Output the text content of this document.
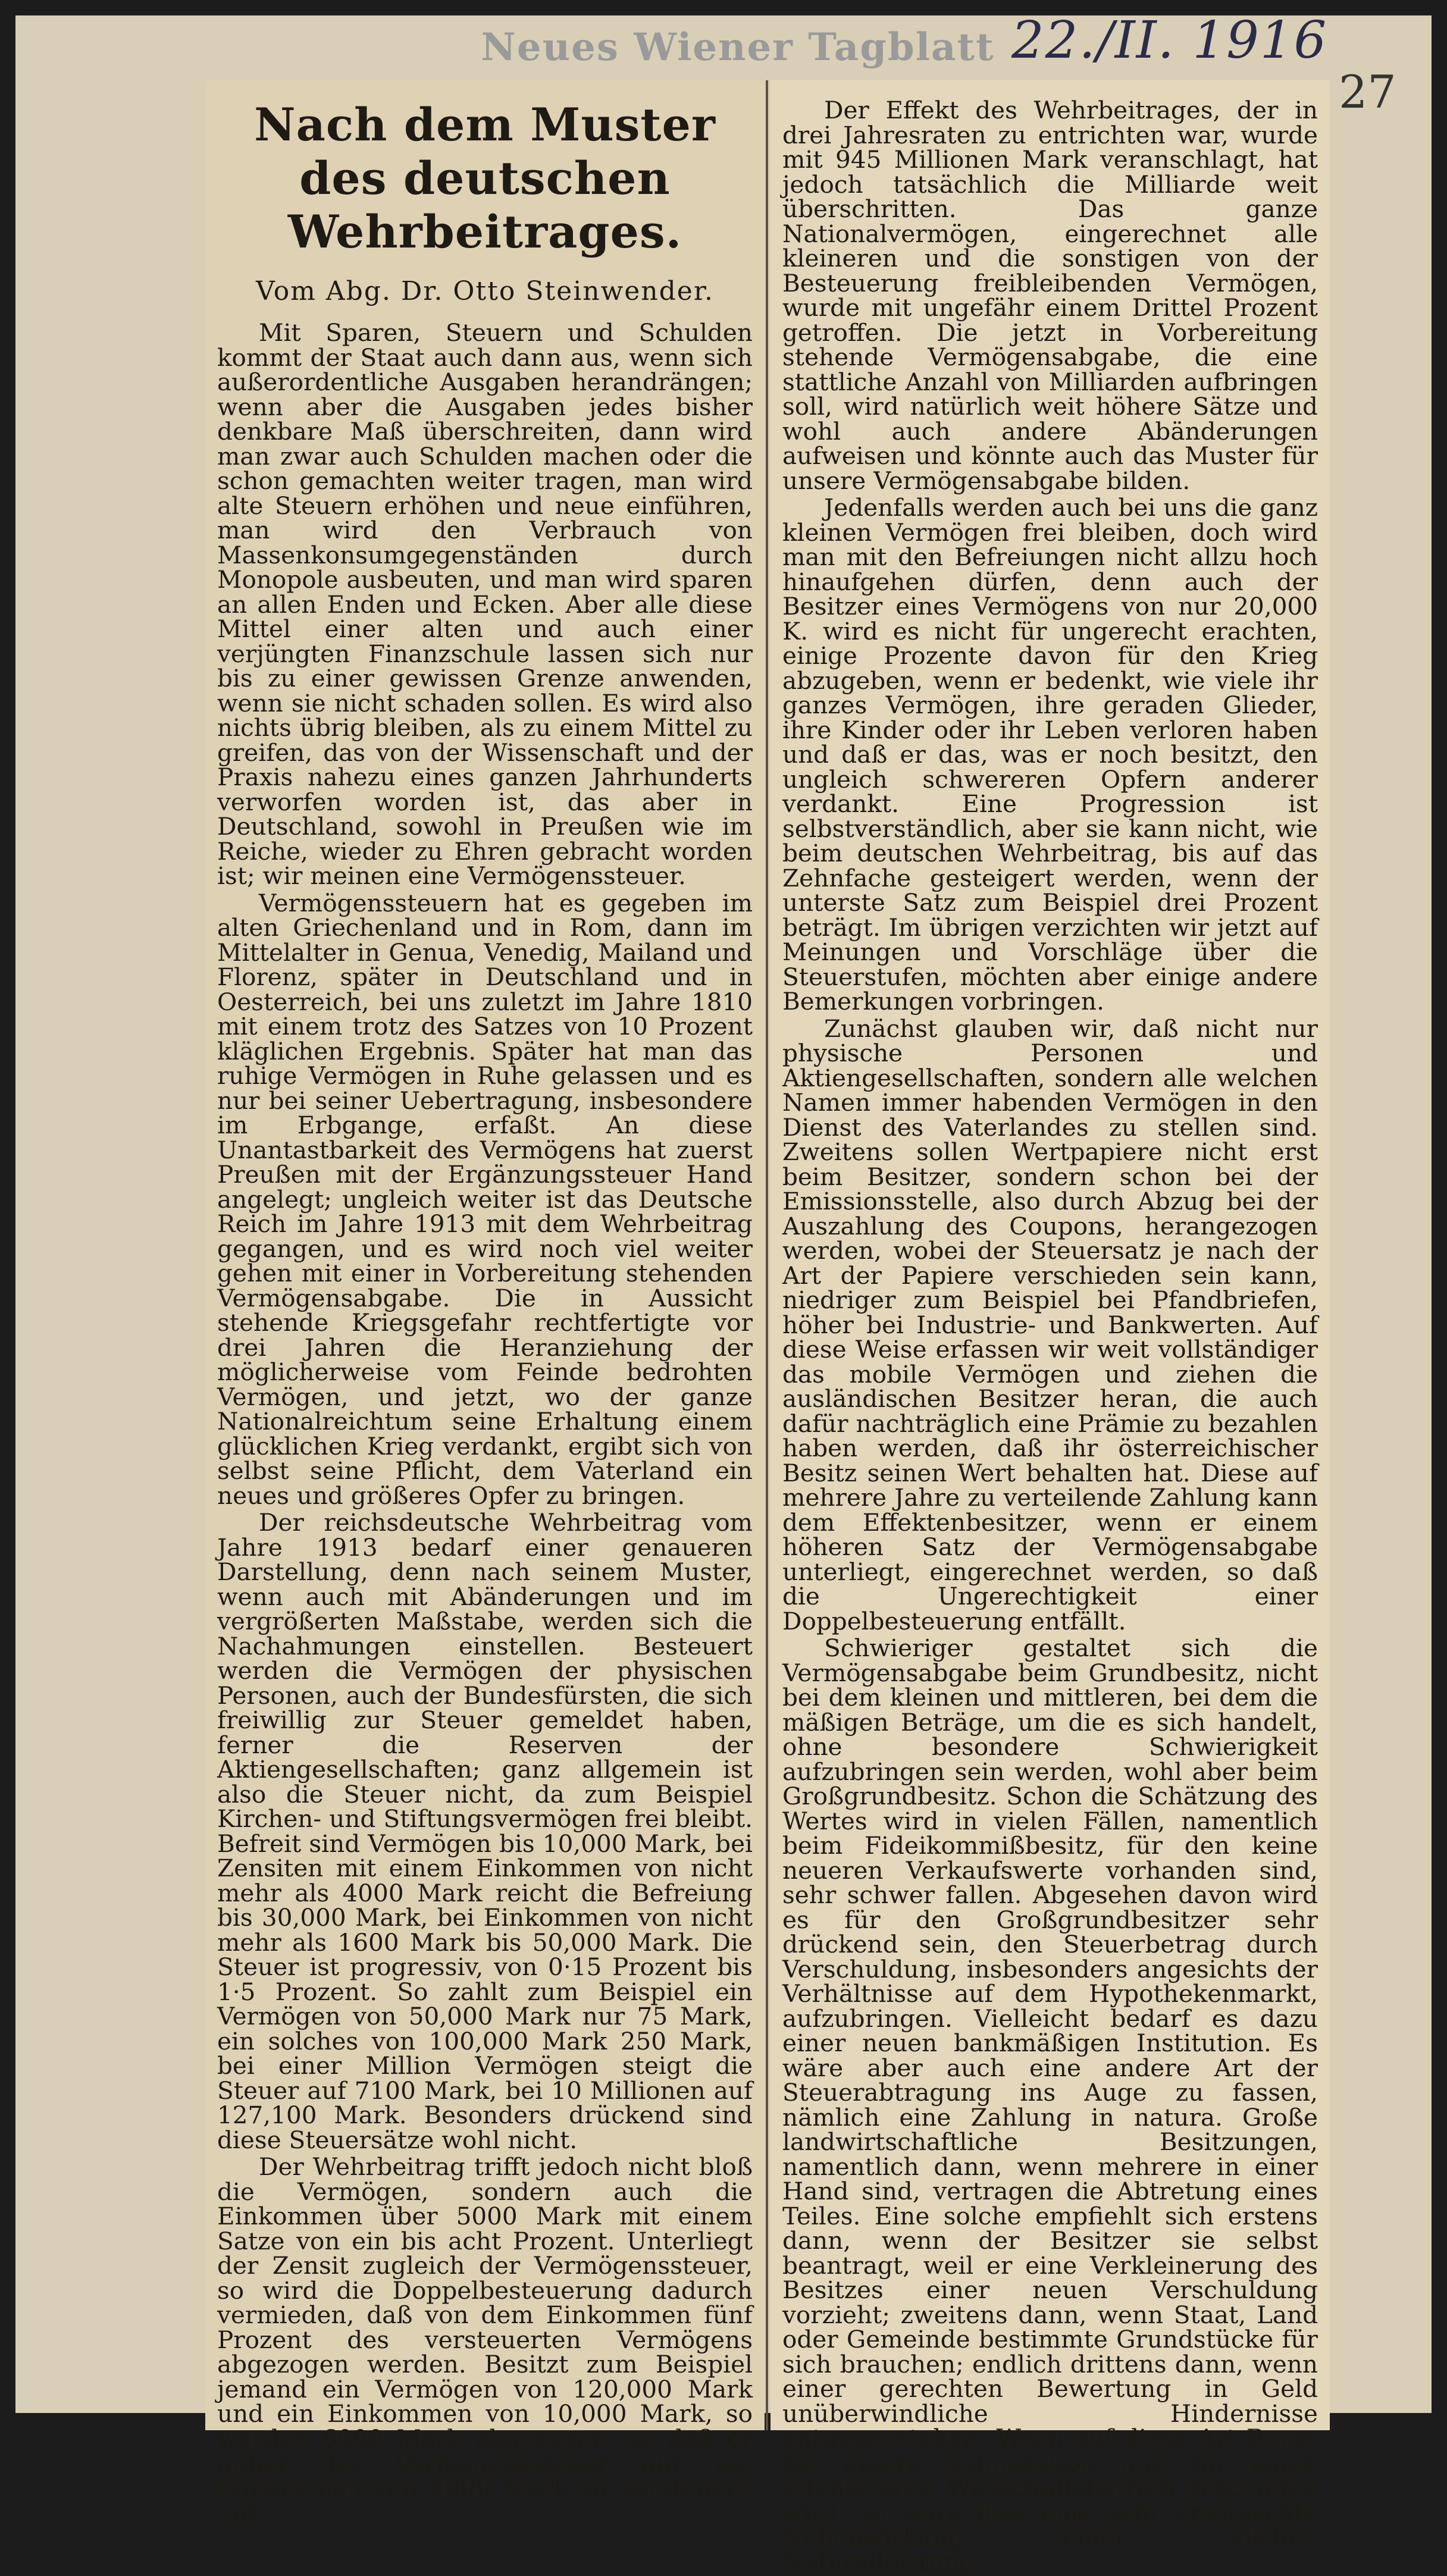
Neues Wiener Tagblatt 22./II. 1916
27
Nach dem Muster des deutschen Wehrbeitrages.
Vom Abg. Dr. Otto Steinwender.

Mit Sparen, Steuern und Schulden kommt der Staat auch dann aus, wenn sich außerordentliche Ausgaben herandrängen; wenn aber die Ausgaben jedes bisher denkbare Maß überschreiten, dann wird man zwar auch Schulden machen oder die schon gemachten weiter tragen, man wird alte Steuern erhöhen und neue einführen, man wird den Verbrauch von Massenkonsumgegenständen durch Monopole ausbeuten, und man wird sparen an allen Enden und Ecken. Aber alle diese Mittel einer alten und auch einer verjüngten Finanzschule lassen sich nur bis zu einer gewissen Grenze anwenden, wenn sie nicht schaden sollen. Es wird also nichts übrig bleiben, als zu einem Mittel zu greifen, das von der Wissenschaft und der Praxis nahezu eines ganzen Jahrhunderts verworfen worden ist, das aber in Deutschland, sowohl in Preußen wie im Reiche, wieder zu Ehren gebracht worden ist; wir meinen eine Vermögenssteuer.

Vermögenssteuern hat es gegeben im alten Griechenland und in Rom, dann im Mittelalter in Genua, Venedig, Mailand und Florenz, später in Deutschland und in Oesterreich, bei uns zuletzt im Jahre 1810 mit einem trotz des Satzes von 10 Prozent kläglichen Ergebnis. Später hat man das ruhige Vermögen in Ruhe gelassen und es nur bei seiner Uebertragung, insbesondere im Erbgange, erfaßt. An diese Unantastbarkeit des Vermögens hat zuerst Preußen mit der Ergänzungssteuer Hand angelegt; ungleich weiter ist das Deutsche Reich im Jahre 1913 mit dem Wehrbeitrag gegangen, und es wird noch viel weiter gehen mit einer in Vorbereitung stehenden Vermögensabgabe. Die in Aussicht stehende Kriegsgefahr rechtfertigte vor drei Jahren die Heranziehung der möglicherweise vom Feinde bedrohten Vermögen, und jetzt, wo der ganze Nationalreichtum seine Erhaltung einem glücklichen Krieg verdankt, ergibt sich von selbst seine Pflicht, dem Vaterland ein neues und größeres Opfer zu bringen.

Der reichsdeutsche Wehrbeitrag vom Jahre 1913 bedarf einer genaueren Darstellung, denn nach seinem Muster, wenn auch mit Abänderungen und im vergrößerten Maßstabe, werden sich die Nachahmungen einstellen. Besteuert werden die Vermögen der physischen Personen, auch der Bundesfürsten, die sich freiwillig zur Steuer gemeldet haben, ferner die Reserven der Aktiengesellschaften; ganz allgemein ist also die Steuer nicht, da zum Beispiel Kirchen- und Stiftungsvermögen frei bleibt. Befreit sind Vermögen bis 10,000 Mark, bei Zensiten mit einem Einkommen von nicht mehr als 4000 Mark reicht die Befreiung bis 30,000 Mark, bei Einkommen von nicht mehr als 1600 Mark bis 50,000 Mark. Die Steuer ist progressiv, von 0·15 Prozent bis 1·5 Prozent. So zahlt zum Beispiel ein Vermögen von 50,000 Mark nur 75 Mark, ein solches von 100,000 Mark 250 Mark, bei einer Million Vermögen steigt die Steuer auf 7100 Mark, bei 10 Millionen auf 127,100 Mark. Besonders drückend sind diese Steuersätze wohl nicht.

Der Wehrbeitrag trifft jedoch nicht bloß die Vermögen, sondern auch die Einkommen über 5000 Mark mit einem Satze von ein bis acht Prozent. Unterliegt der Zensit zugleich der Vermögenssteuer, so wird die Doppelbesteuerung dadurch vermieden, daß von dem Einkommen fünf Prozent des versteuerten Vermögens abgezogen werden. Besitzt zum Beispiel jemand ein Vermögen von 120,000 Mark und ein Einkommen von 10,000 Mark, so werden 6000 Mark abgezogen, so daß er außer der Vermögenssteuer nur ein Einkommen von 4000 Mark zu versteuern hat.

Der Effekt des Wehrbeitrages, der in drei Jahresraten zu entrichten war, wurde mit 945 Millionen Mark veranschlagt, hat jedoch tatsächlich die Milliarde weit überschritten. Das ganze Nationalvermögen, eingerechnet alle kleineren und die sonstigen von der Besteuerung freibleibenden Vermögen, wurde mit ungefähr einem Drittel Prozent getroffen. Die jetzt in Vorbereitung stehende Vermögensabgabe, die eine stattliche Anzahl von Milliarden aufbringen soll, wird natürlich weit höhere Sätze und wohl auch andere Abänderungen aufweisen und könnte auch das Muster für unsere Vermögensabgabe bilden.

Jedenfalls werden auch bei uns die ganz kleinen Vermögen frei bleiben, doch wird man mit den Befreiungen nicht allzu hoch hinaufgehen dürfen, denn auch der Besitzer eines Vermögens von nur 20,000 K. wird es nicht für ungerecht erachten, einige Prozente davon für den Krieg abzugeben, wenn er bedenkt, wie viele ihr ganzes Vermögen, ihre geraden Glieder, ihre Kinder oder ihr Leben verloren haben und daß er das, was er noch besitzt, den ungleich schwereren Opfern anderer verdankt. Eine Progression ist selbstverständlich, aber sie kann nicht, wie beim deutschen Wehrbeitrag, bis auf das Zehnfache gesteigert werden, wenn der unterste Satz zum Beispiel drei Prozent beträgt. Im übrigen verzichten wir jetzt auf Meinungen und Vorschläge über die Steuerstufen, möchten aber einige andere Bemerkungen vorbringen.

Zunächst glauben wir, daß nicht nur physische Personen und Aktiengesellschaften, sondern alle welchen Namen immer habenden Vermögen in den Dienst des Vaterlandes zu stellen sind. Zweitens sollen Wertpapiere nicht erst beim Besitzer, sondern schon bei der Emissionsstelle, also durch Abzug bei der Auszahlung des Coupons, herangezogen werden, wobei der Steuersatz je nach der Art der Papiere verschieden sein kann, niedriger zum Beispiel bei Pfandbriefen, höher bei Industrie- und Bankwerten. Auf diese Weise erfassen wir weit vollständiger das mobile Vermögen und ziehen die ausländischen Besitzer heran, die auch dafür nachträglich eine Prämie zu bezahlen haben werden, daß ihr österreichischer Besitz seinen Wert behalten hat. Diese auf mehrere Jahre zu verteilende Zahlung kann dem Effektenbesitzer, wenn er einem höheren Satz der Vermögensabgabe unterliegt, eingerechnet werden, so daß die Ungerechtigkeit einer Doppelbesteuerung entfällt.

Schwieriger gestaltet sich die Vermögensabgabe beim Grundbesitz, nicht bei dem kleinen und mittleren, bei dem die mäßigen Beträge, um die es sich handelt, ohne besondere Schwierigkeit aufzubringen sein werden, wohl aber beim Großgrundbesitz. Schon die Schätzung des Wertes wird in vielen Fällen, namentlich beim Fideikommißbesitz, für den keine neueren Verkaufswerte vorhanden sind, sehr schwer fallen. Abgesehen davon wird es für den Großgrundbesitzer sehr drückend sein, den Steuerbetrag durch Verschuldung, insbesonders angesichts der Verhältnisse auf dem Hypothekenmarkt, aufzubringen. Vielleicht bedarf es dazu einer neuen bankmäßigen Institution. Es wäre aber auch eine andere Art der Steuerabtragung ins Auge zu fassen, nämlich eine Zahlung in natura. Große landwirtschaftliche Besitzungen, namentlich dann, wenn mehrere in einer Hand sind, vertragen die Abtretung eines Teiles. Eine solche empfiehlt sich erstens dann, wenn der Besitzer sie selbst beantragt, weil er eine Verkleinerung des Besitzes einer neuen Verschuldung vorzieht; zweitens dann, wenn Staat, Land oder Gemeinde bestimmte Grundstücke für sich brauchen; endlich drittens dann, wenn einer gerechten Bewertung in Geld unüberwindliche Hindernisse entgegenstehen. Wenn auf diese Art Raum für innere Kolonisation und für einen intensiveren Wirtschaftsbetrieb geschaffen wird, so wäre dies eine sehr erwünschte Nebenwirkung einer solchen Naturalleistung.
